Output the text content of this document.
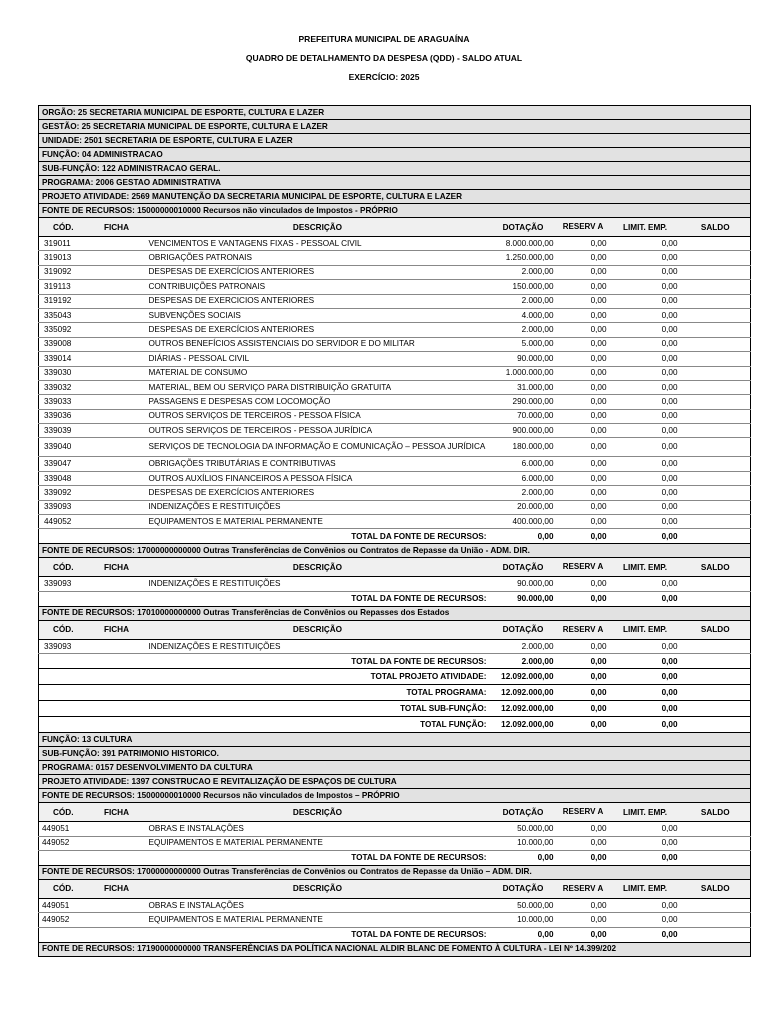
PREFEITURA MUNICIPAL DE ARAGUAÍNA
QUADRO DE DETALHAMENTO DA DESPESA (QDD) - SALDO ATUAL
EXERCÍCIO: 2025
ORGÃO: 25 SECRETARIA MUNICIPAL DE ESPORTE, CULTURA E LAZER						
GESTÃO: 25 SECRETARIA MUNICIPAL DE ESPORTE, CULTURA E LAZER						
UNIDADE: 2501 SECRETARIA DE ESPORTE, CULTURA E LAZER						
FUNÇÃO: 04 ADMINISTRACAO						
SUB-FUNÇÃO: 122 ADMINISTRACAO GERAL.						
PROGRAMA: 2006 GESTAO ADMINISTRATIVA						
PROJETO ATIVIDADE: 2569 MANUTENÇÃO DA SECRETARIA MUNICIPAL DE ESPORTE, CULTURA E LAZER						
FONTE DE RECURSOS: 15000000010000 Recursos não vinculados de Impostos - PRÓPRIO						
CÓD.	FICHA	DESCRIÇÃO	DOTAÇÃO	RESERV A	LIMIT. EMP.	SALDO
319011		VENCIMENTOS E VANTAGENS FIXAS - PESSOAL CIVIL	8.000.000,00	0,00	0,00	
319013		OBRIGAÇÕES PATRONAIS	1.250.000,00	0,00	0,00	
319092		DESPESAS DE EXERCÍCIOS ANTERIORES	2.000,00	0,00	0,00	
319113		CONTRIBUIÇÕES PATRONAIS	150.000,00	0,00	0,00	
319192		DESPESAS DE EXERCICIOS ANTERIORES	2.000,00	0,00	0,00	
335043		SUBVENÇÕES SOCIAIS	4.000,00	0,00	0,00	
335092		DESPESAS DE EXERCÍCIOS ANTERIORES	2.000,00	0,00	0,00	
339008		OUTROS BENEFÍCIOS ASSISTENCIAIS DO SERVIDOR E DO MILITAR	5.000,00	0,00	0,00	
339014		DIÁRIAS - PESSOAL CIVIL	90.000,00	0,00	0,00	
339030		MATERIAL DE CONSUMO	1.000.000,00	0,00	0,00	
339032		MATERIAL, BEM OU SERVIÇO PARA DISTRIBUIÇÃO GRATUITA	31.000,00	0,00	0,00	
339033		PASSAGENS E DESPESAS COM LOCOMOÇÃO	290.000,00	0,00	0,00	
339036		OUTROS SERVIÇOS DE TERCEIROS - PESSOA FÍSICA	70.000,00	0,00	0,00	
339039		OUTROS SERVIÇOS DE TERCEIROS - PESSOA JURÍDICA	900.000,00	0,00	0,00	
339040		SERVIÇOS DE TECNOLOGIA DA INFORMAÇÃO E COMUNICAÇÃO – PESSOA JURÍDICA	180.000,00	0,00	0,00	
339047		OBRIGAÇÕES TRIBUTÁRIAS E CONTRIBUTIVAS	6.000,00	0,00	0,00	
339048		OUTROS AUXÍLIOS FINANCEIROS A PESSOA FÍSICA	6.000,00	0,00	0,00	
339092		DESPESAS DE EXERCÍCIOS ANTERIORES	2.000,00	0,00	0,00	
339093		INDENIZAÇÕES E RESTITUIÇÕES	20.000,00	0,00	0,00	
449052		EQUIPAMENTOS E MATERIAL PERMANENTE	400.000,00	0,00	0,00	
TOTAL DA FONTE DE RECURSOS:			0,00	0,00	0,00	
FONTE DE RECURSOS: 17000000000000 Outras Transferências de Convênios ou Contratos de Repasse da União - ADM. DIR.						
CÓD.	FICHA	DESCRIÇÃO	DOTAÇÃO	RESERV A	LIMIT. EMP.	SALDO
339093		INDENIZAÇÕES E RESTITUIÇÕES	90.000,00	0,00	0,00	
TOTAL DA FONTE DE RECURSOS:			90.000,00	0,00	0,00	
FONTE DE RECURSOS: 17010000000000 Outras Transferências de Convênios ou Repasses dos Estados						
CÓD.	FICHA	DESCRIÇÃO	DOTAÇÃO	RESERV A	LIMIT. EMP.	SALDO
339093		INDENIZAÇÕES E RESTITUIÇÕES	2.000,00	0,00	0,00	
TOTAL DA FONTE DE RECURSOS:			2.000,00	0,00	0,00	
TOTAL PROJETO ATIVIDADE:			12.092.000,00	0,00	0,00	
TOTAL PROGRAMA:			12.092.000,00	0,00	0,00	
TOTAL SUB-FUNÇÃO:			12.092.000,00	0,00	0,00	
TOTAL FUNÇÃO:			12.092.000,00	0,00	0,00	
FUNÇÃO: 13 CULTURA						
SUB-FUNÇÃO: 391 PATRIMONIO HISTORICO.						
PROGRAMA: 0157 DESENVOLVIMENTO DA CULTURA						
PROJETO ATIVIDADE: 1397 CONSTRUCAO E REVITALIZAÇÃO DE ESPAÇOS DE CULTURA						
FONTE DE RECURSOS: 15000000010000 Recursos não vinculados de Impostos – PRÓPRIO						
CÓD.	FICHA	DESCRIÇÃO	DOTAÇÃO	RESERV A	LIMIT. EMP.	SALDO
449051		OBRAS E INSTALAÇÕES	50.000,00	0,00	0,00	
449052		EQUIPAMENTOS E MATERIAL PERMANENTE	10.000,00	0,00	0,00	
TOTAL DA FONTE DE RECURSOS:			0,00	0,00	0,00	
FONTE DE RECURSOS: 17000000000000 Outras Transferências de Convênios ou Contratos de Repasse da União – ADM. DIR.						
CÓD.	FICHA	DESCRIÇÃO	DOTAÇÃO	RESERV A	LIMIT. EMP.	SALDO
449051		OBRAS E INSTALAÇÕES	50.000,00	0,00	0,00	
449052		EQUIPAMENTOS E MATERIAL PERMANENTE	10.000,00	0,00	0,00	
TOTAL DA FONTE DE RECURSOS:			0,00	0,00	0,00	
FONTE DE RECURSOS: 17190000000000 TRANSFERÊNCIAS DA POLÍTICA NACIONAL ALDIR BLANC DE FOMENTO À CULTURA - LEI Nº 14.399/202						
